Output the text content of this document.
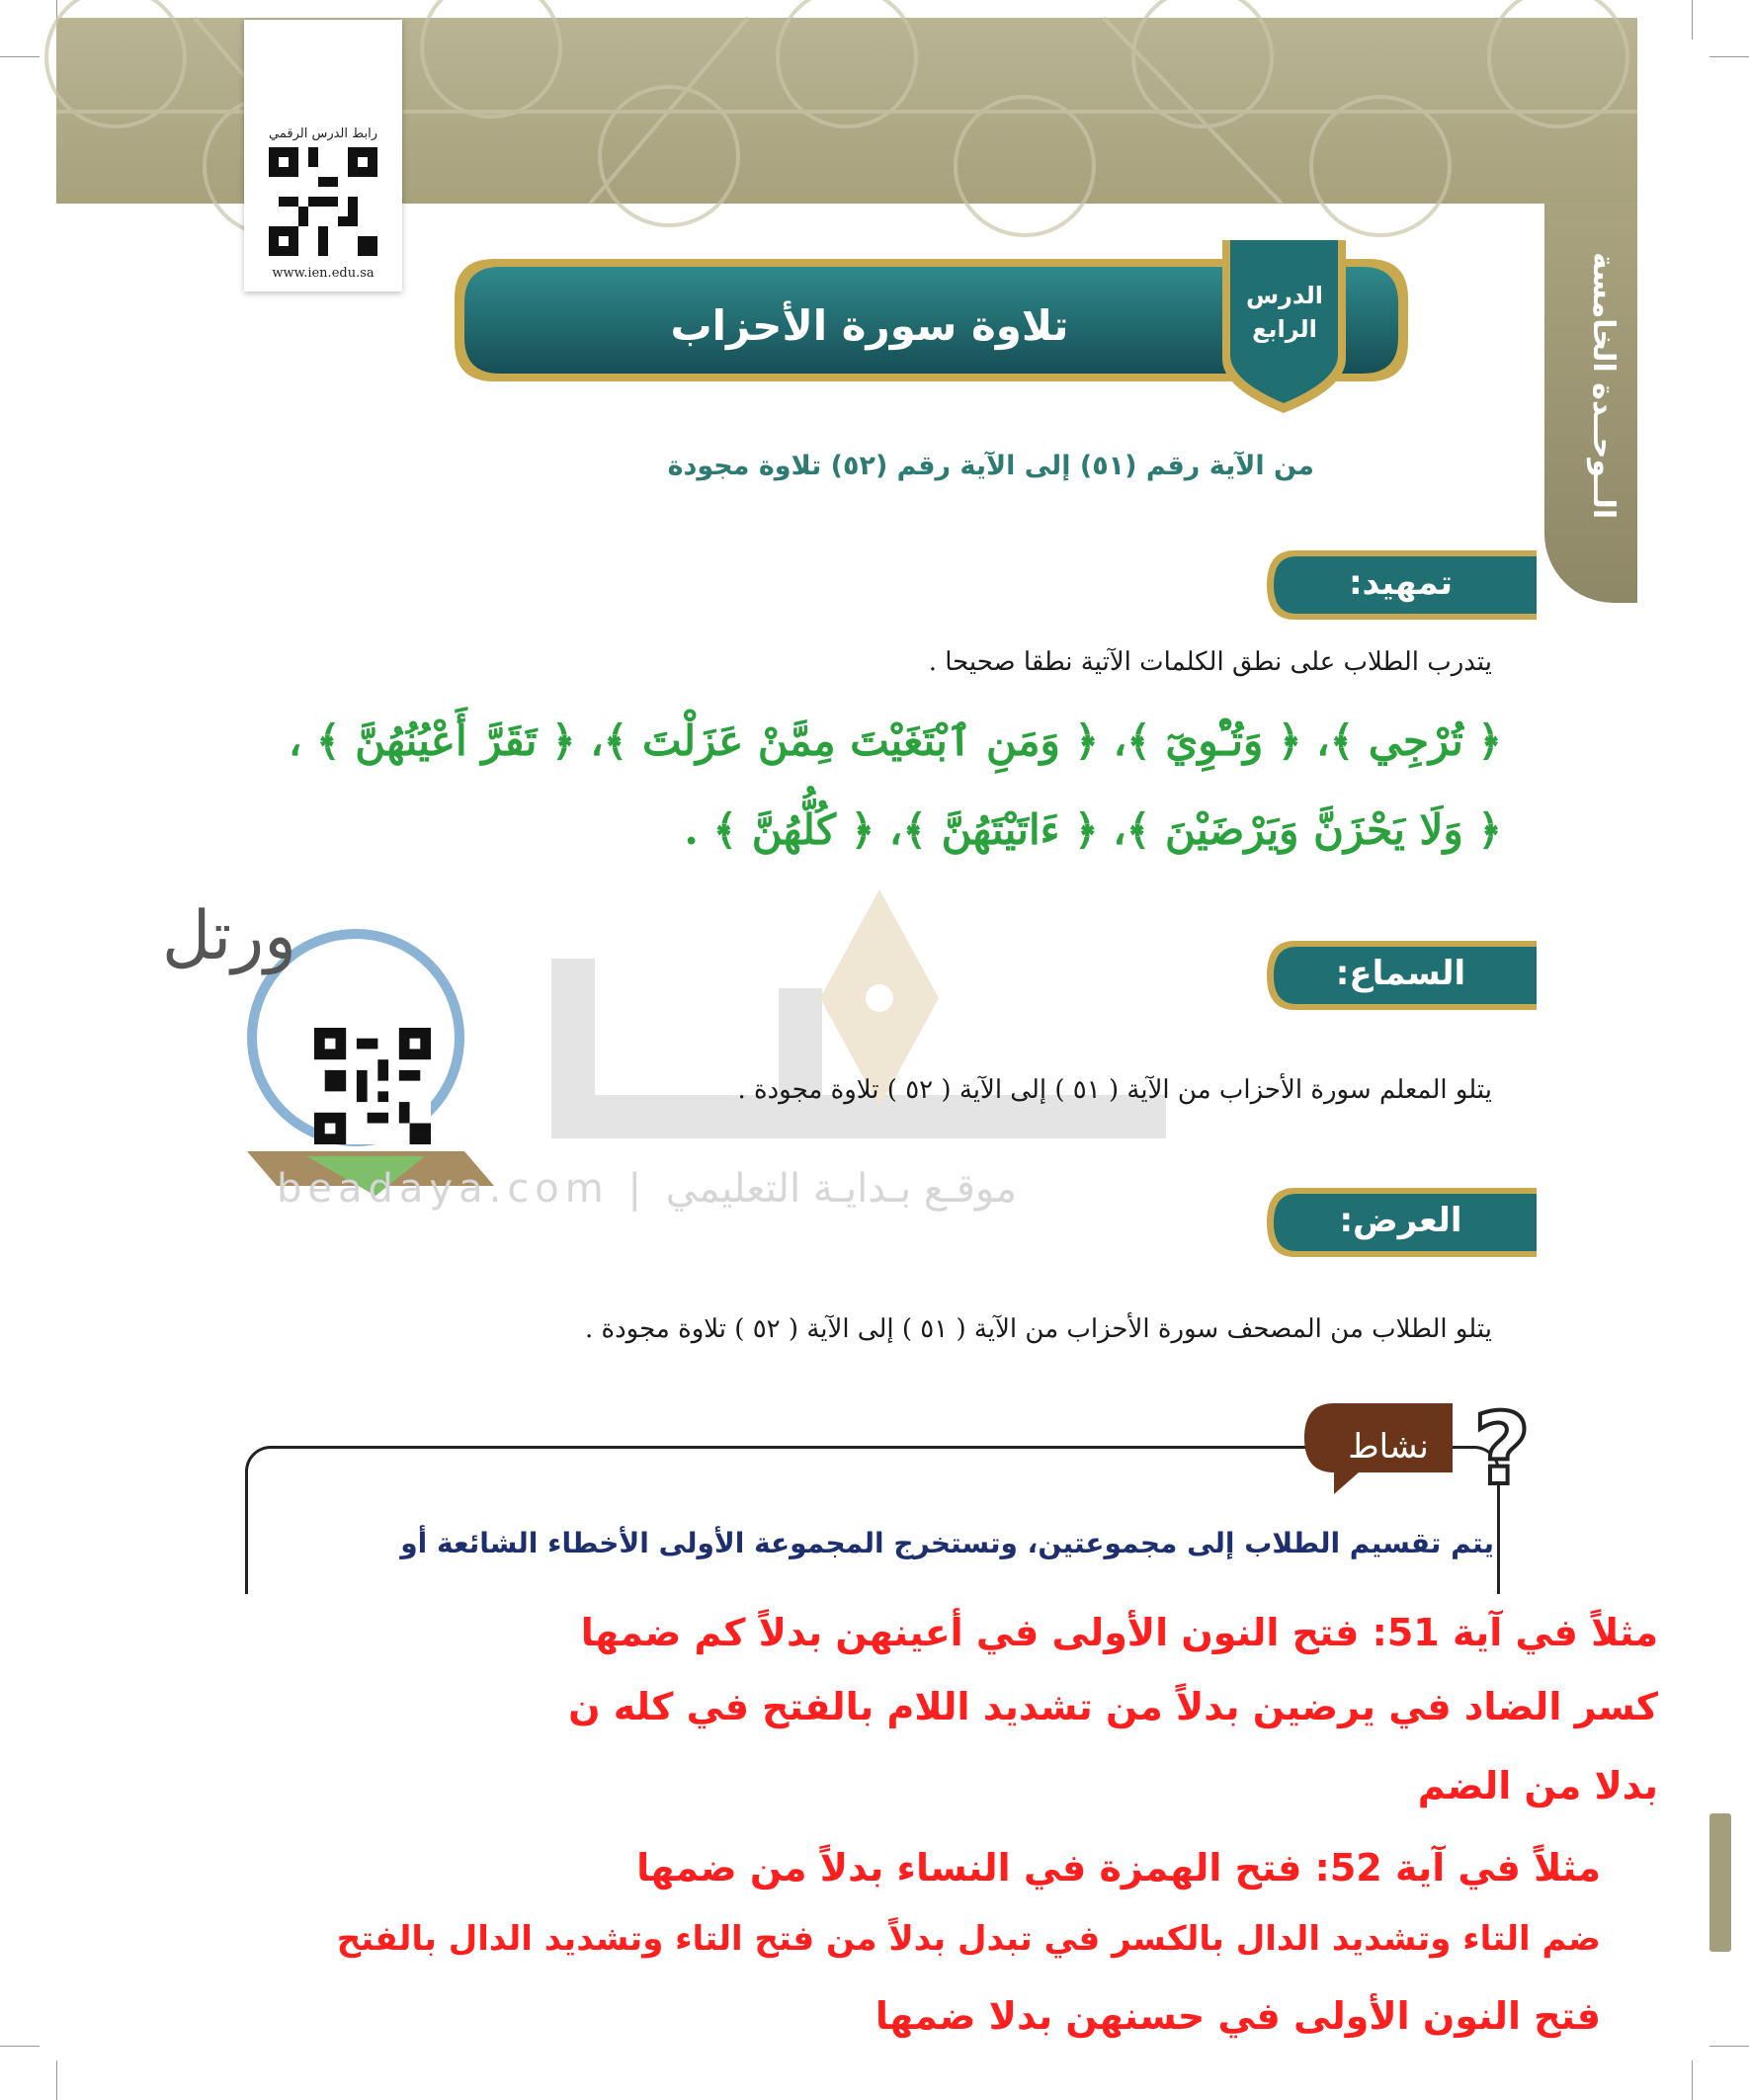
الــوحــدة الخامسة
رابط الدرس الرقمي
www.ien.edu.sa
تلاوة سورة الأحزاب
الدرس
الرابع
من الآية رقم (٥١) إلى الآية رقم (٥٢) تلاوة مجودة
تمهيد:
يتدرب الطلاب على نطق الكلمات الآتية نطقا صحيحا .
﴿ تُرْجِي ﴾، ﴿ وَتُـْٔوِيٓ ﴾، ﴿ وَمَنِ ٱبْتَغَيْتَ مِمَّنْ عَزَلْتَ ﴾، ﴿ تَقَرَّ أَعْيُنُهُنَّ ﴾ ،
﴿ وَلَا يَحْزَنَّ وَيَرْضَيْنَ ﴾، ﴿ ءَاتَيْتَهُنَّ ﴾، ﴿ كُلُّهُنَّ ﴾ .
ورتل
beadaya.com | موقـع بـدايـة التعليمي
السماع:
يتلو المعلم سورة الأحزاب من الآية ( ٥١ ) إلى الآية ( ٥٢ ) تلاوة مجودة .
العرض:
يتلو الطلاب من المصحف سورة الأحزاب من الآية ( ٥١ ) إلى الآية ( ٥٢ ) تلاوة مجودة .
نشاط ?
يتم تقسيم الطلاب إلى مجموعتين، وتستخرج المجموعة الأولى الأخطاء الشائعة أو
مثلاً في آية 51: فتح النون الأولى في أعينهن بدلاً كم ضمها
كسر الضاد في يرضين بدلاً من تشديد اللام بالفتح في كله ن
بدلا من الضم
مثلاً في آية 52: فتح الهمزة في النساء بدلاً من ضمها
ضم التاء وتشديد الدال بالكسر في تبدل بدلاً من فتح التاء وتشديد الدال بالفتح
فتح النون الأولى في حسنهن بدلا ضمها
